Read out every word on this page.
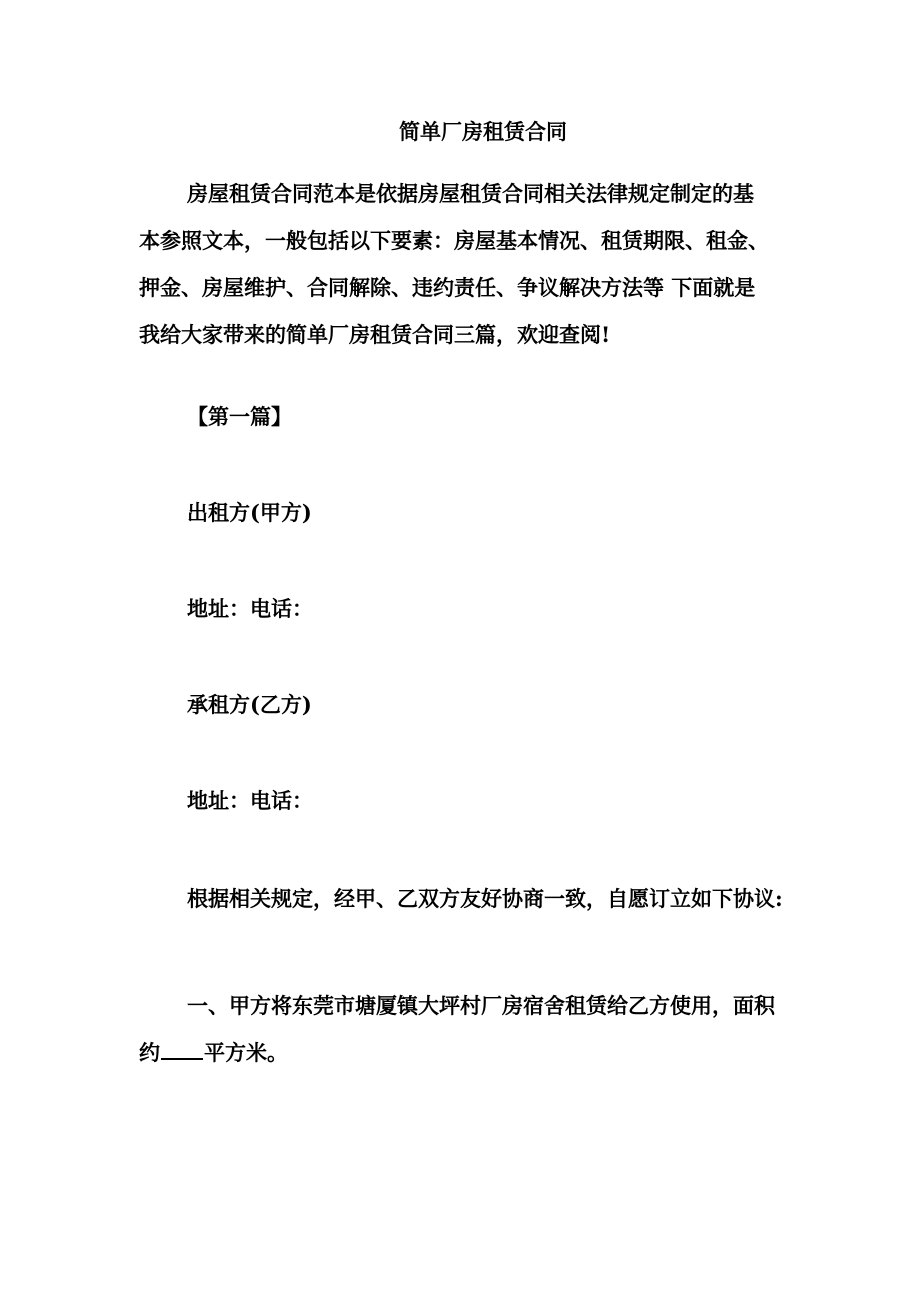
简单厂房租赁合同
房屋租赁合同范本是依据房屋租赁合同相关法律规定制定的基
本参照文本，一般包括以下要素：房屋基本情况、租赁期限、租金、
押金、房屋维护、合同解除、违约责任、争议解决方法等 下面就是
我给大家带来的简单厂房租赁合同三篇，欢迎查阅!
【第一篇】
出租方(甲方)
地址：电话：
承租方(乙方)
地址：电话：
根据相关规定，经甲、乙双方友好协商一致，自愿订立如下协议:
一、甲方将东莞市塘厦镇大坪村厂房宿舍租赁给乙方使用，面积
约 平方米。
